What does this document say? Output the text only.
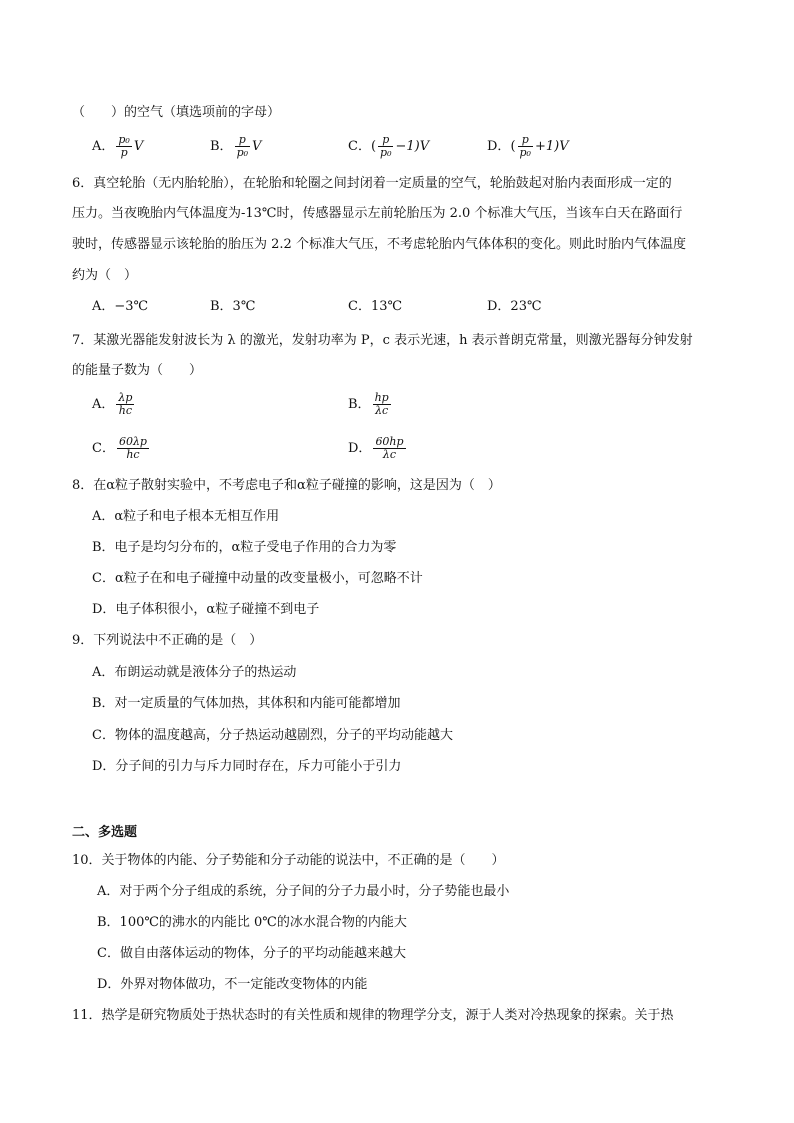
（　　）的空气（填选项前的字母）
A． $\frac{\text{p₀}}{p}$ V	B． $\frac{p}{\text{p₀}}$ V	C．( $\frac{p}{\text{p₀}} -1)V$	D．( $\frac{p}{\text{p₀}} +1)V$
6．真空轮胎（无内胎轮胎），在轮胎和轮圈之间封闭着一定质量的空气，轮胎鼓起对胎内表面形成一定的
压力。当夜晚胎内气体温度为-13℃时，传感器显示左前轮胎压为 2.0 个标准大气压，当该车白天在路面行
驶时，传感器显示该轮胎的胎压为 2.2 个标准大气压，不考虑轮胎内气体体积的变化。则此时胎内气体温度
约为（　）
A．−3℃	B．3℃	C．13℃	D．23℃
7．某激光器能发射波长为 λ 的激光，发射功率为 P，c 表示光速，h 表示普朗克常量，则激光器每分钟发射
的能量子数为（　　）
A． $\frac{\lambda p}{hc}$	B． $\frac{hp}{\lambda c}$
C． $\frac{60\lambda p}{hc}$	D． $\frac{60hp}{\lambda c}$
8．在α粒子散射实验中，不考虑电子和α粒子碰撞的影响，这是因为（　）
A．α粒子和电子根本无相互作用
B．电子是均匀分布的，α粒子受电子作用的合力为零
C．α粒子在和电子碰撞中动量的改变量极小，可忽略不计
D．电子体积很小，α粒子碰撞不到电子
9．下列说法中不正确的是（　）
A．布朗运动就是液体分子的热运动
B．对一定质量的气体加热，其体积和内能可能都增加
C．物体的温度越高，分子热运动越剧烈，分子的平均动能越大
D．分子间的引力与斥力同时存在，斥力可能小于引力
二、多选题
10．关于物体的内能、分子势能和分子动能的说法中，不正确的是（　　）
A．对于两个分子组成的系统，分子间的分子力最小时，分子势能也最小
B．100℃的沸水的内能比 0℃的冰水混合物的内能大
C．做自由落体运动的物体，分子的平均动能越来越大
D．外界对物体做功，不一定能改变物体的内能
11．热学是研究物质处于热状态时的有关性质和规律的物理学分支，源于人类对冷热现象的探索。关于热
